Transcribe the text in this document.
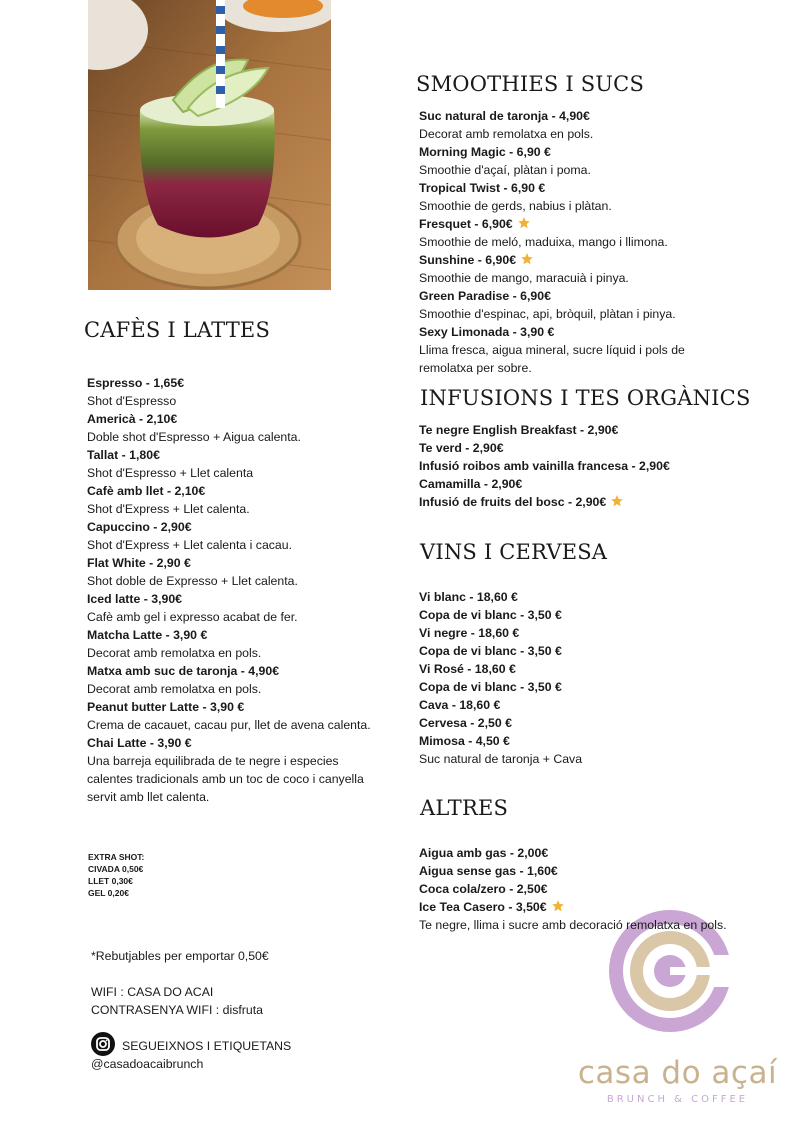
CAFÈS I LATTES
Espresso - 1,65€
Shot d'Espresso
Americà - 2,10€
Doble shot d'Espresso + Aigua calenta.
Tallat - 1,80€
Shot d'Espresso + Llet calenta
Cafè amb llet - 2,10€
Shot d'Express + Llet calenta.
Capuccino - 2,90€
Shot d'Express + Llet calenta i cacau.
Flat White - 2,90 €
Shot doble de Expresso + Llet calenta.
Iced latte - 3,90€
Cafè amb gel i expresso acabat de fer.
Matcha Latte - 3,90 €
Decorat amb remolatxa en pols.
Matxa amb suc de taronja - 4,90€
Decorat amb remolatxa en pols.
Peanut butter Latte - 3,90 €
Crema de cacauet, cacau pur, llet de avena calenta.
Chai Latte - 3,90 €
Una barreja equilibrada de te negre i especies calentes tradicionals amb un toc de coco i canyella servit amb llet calenta.
EXTRA SHOT:
CIVADA 0,50€
LLET 0,30€
GEL 0,20€
*Rebutjables per emportar 0,50€
WIFI : CASA DO ACAI
CONTRASENYA WIFI : disfruta
SEGUEIXNOS I ETIQUETANS
@casadoacaibrunch
SMOOTHIES I SUCS
Suc natural de taronja - 4,90€
Decorat amb remolatxa en pols.
Morning Magic - 6,90 €
Smoothie d'açaí, plàtan i poma.
Tropical Twist - 6,90 €
Smoothie de gerds, nabius i plàtan.
Fresquet - 6,90€
Smoothie de meló, maduixa, mango i llimona.
Sunshine - 6,90€
Smoothie de mango, maracuià i pinya.
Green Paradise - 6,90€
Smoothie d'espinac, api, bròquil, plàtan i pinya.
Sexy Limonada - 3,90 €
Llima fresca, aigua mineral, sucre líquid i pols de remolatxa per sobre.
INFUSIONS I TES ORGÀNICS
Te negre English Breakfast - 2,90€
Te verd - 2,90€
Infusió roibos amb vainilla francesa - 2,90€
Camamilla - 2,90€
Infusió de fruits del bosc - 2,90€
VINS I CERVESA
Vi blanc - 18,60 €
Copa de vi blanc - 3,50 €
Vi negre - 18,60 €
Copa de vi blanc - 3,50 €
Vi Rosé - 18,60 €
Copa de vi blanc - 3,50 €
Cava - 18,60 €
Cervesa - 2,50 €
Mimosa - 4,50 €
Suc natural de taronja + Cava
ALTRES
Aigua amb gas - 2,00€
Aigua sense gas - 1,60€
Coca cola/zero - 2,50€
Ice Tea Casero - 3,50€
Te negre, llima i sucre amb decoració remolatxa en pols.
casa do açaí
BRUNCH & COFFEE
